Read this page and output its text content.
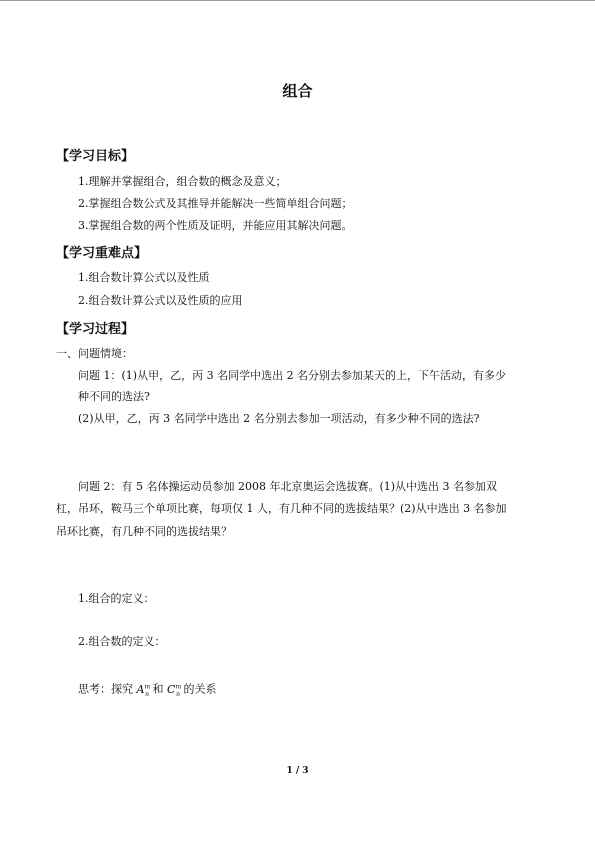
组合
【学习目标】
1.理解并掌握组合，组合数的概念及意义；
2.掌握组合数公式及其推导并能解决一些简单组合问题；
3.掌握组合数的两个性质及证明，并能应用其解决问题。
【学习重难点】
1.组合数计算公式以及性质
2.组合数计算公式以及性质的应用
【学习过程】
一、问题情境：
问题 1：(1)从甲，乙，丙 3 名同学中选出 2 名分别去参加某天的上，下午活动，有多少
种不同的选法?
(2)从甲，乙，丙 3 名同学中选出 2 名分别去参加一项活动，有多少种不同的选法?
问题 2：有 5 名体操运动员参加 2008 年北京奥运会选拔赛。(1)从中选出 3 名参加双
杠，吊环，鞍马三个单项比赛，每项仅 1 人，有几种不同的选拔结果？(2)从中选出 3 名参加
吊环比赛，有几种不同的选拔结果？
1.组合的定义：
2.组合数的定义：
思考：探究 $A^m_n$ 和 $C^m_n$ 的关系
1 / 3
